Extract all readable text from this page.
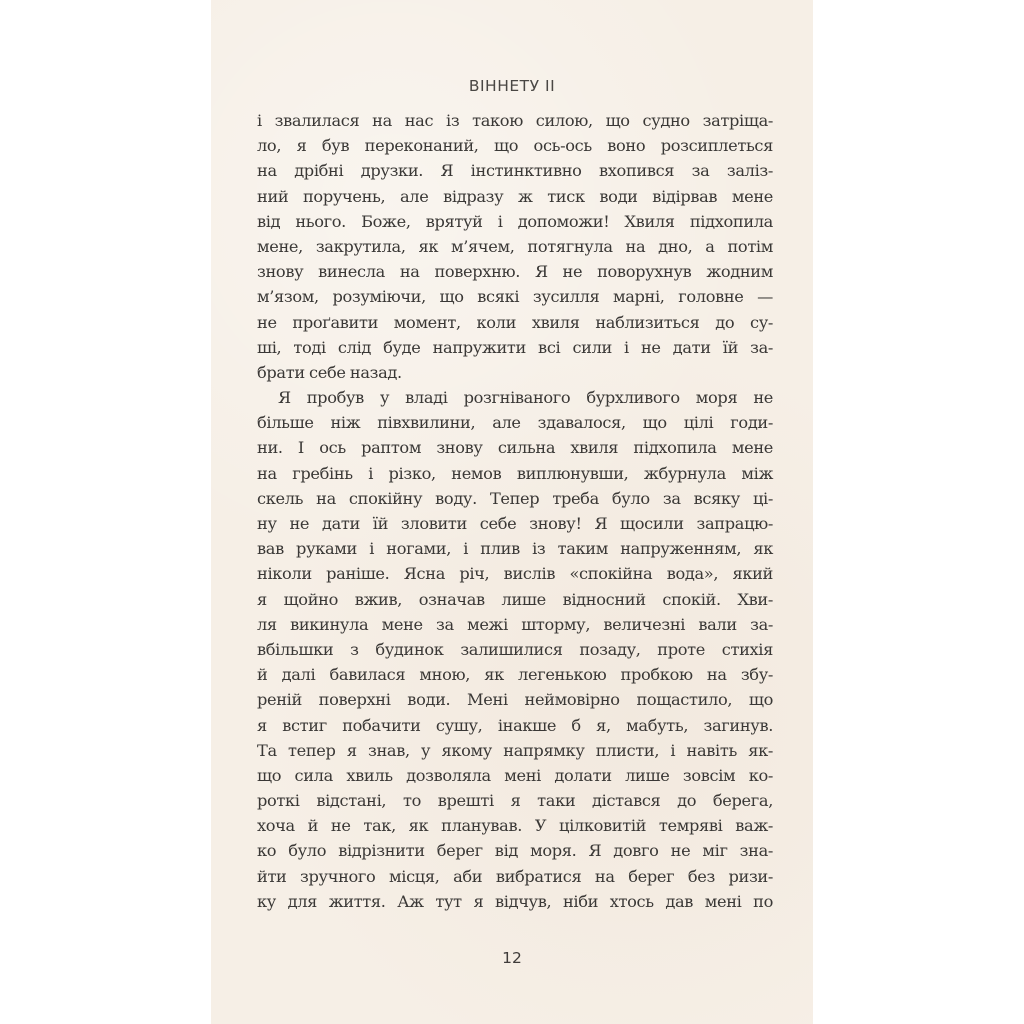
ВІННЕТУ ІІ
і звалилася на нас із такою силою, що судно затріща-
ло, я був переконаний, що ось-ось воно розсиплеться
на дрібні друзки. Я інстинктивно вхопився за заліз-
ний поручень, але відразу ж тиск води відірвав мене
від нього. Боже, врятуй і допоможи! Хвиля підхопила
мене, закрутила, як м’ячем, потягнула на дно, а потім
знову винесла на поверхню. Я не поворухнув жодним
м’язом, розуміючи, що всякі зусилля марні, головне —
не проґавити момент, коли хвиля наблизиться до су-
ші, тоді слід буде напружити всі сили і не дати їй за-
брати себе назад.
Я пробув у владі розгніваного бурхливого моря не
більше ніж півхвилини, але здавалося, що цілі годи-
ни. І ось раптом знову сильна хвиля підхопила мене
на гребінь і різко, немов виплюнувши, жбурнула між
скель на спокійну воду. Тепер треба було за всяку ці-
ну не дати їй зловити себе знову! Я щосили запрацю-
вав руками і ногами, і плив із таким напруженням, як
ніколи раніше. Ясна річ, вислів «спокійна вода», який
я щойно вжив, означав лише відносний спокій. Хви-
ля викинула мене за межі шторму, величезні вали за-
вбільшки з будинок залишилися позаду, проте стихія
й далі бавилася мною, як легенькою пробкою на збу-
реній поверхні води. Мені неймовірно пощастило, що
я встиг побачити сушу, інакше б я, мабуть, загинув.
Та тепер я знав, у якому напрямку плисти, і навіть як-
що сила хвиль дозволяла мені долати лише зовсім ко-
роткі відстані, то врешті я таки дістався до берега,
хоча й не так, як планував. У цілковитій темряві важ-
ко було відрізнити берег від моря. Я довго не міг зна-
йти зручного місця, аби вибратися на берег без ризи-
ку для життя. Аж тут я відчув, ніби хтось дав мені по
12
